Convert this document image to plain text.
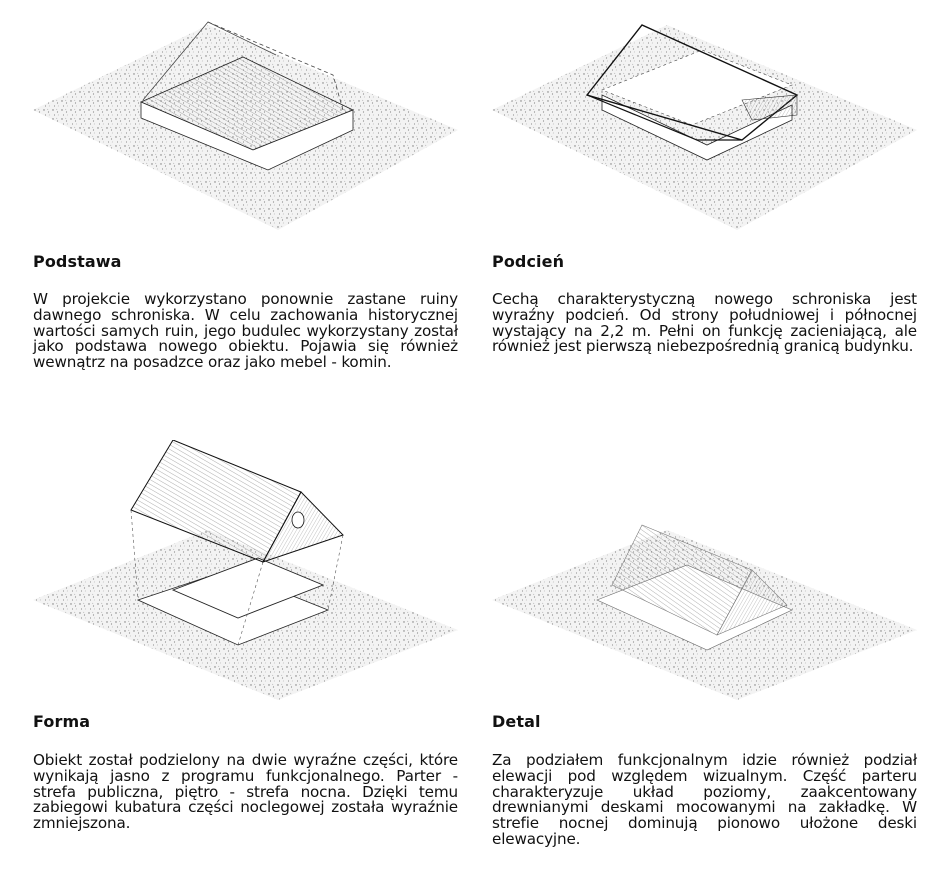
Podstawa
W projekcie wykorzystano ponownie zastane ruiny dawnego schroniska. W celu zachowania historycznej wartości samych ruin, jego budulec wykorzystany został jako podstawa nowego obiektu. Pojawia się również wewnątrz na posadzce oraz jako mebel - komin.
Podcień
Cechą charakterystyczną nowego schroniska jest wyraźny podcień. Od strony południowej i północnej wystający na 2,2 m. Pełni on funkcję zacieniającą, ale również jest pierwszą niebezpośrednią granicą budynku.
Forma
Obiekt został podzielony na dwie wyraźne części, które wynikają jasno z programu funkcjonalnego. Parter - strefa publiczna, piętro - strefa nocna. Dzięki temu zabiegowi kubatura części noclegowej została wyraźnie zmniejszona.
Detal
Za podziałem funkcjonalnym idzie również podział elewacji pod względem wizualnym. Część parteru charakteryzuje układ poziomy, zaakcentowany drewnianymi deskami mocowanymi na zakładkę. W strefie nocnej dominują pionowo ułożone deski elewacyjne.
